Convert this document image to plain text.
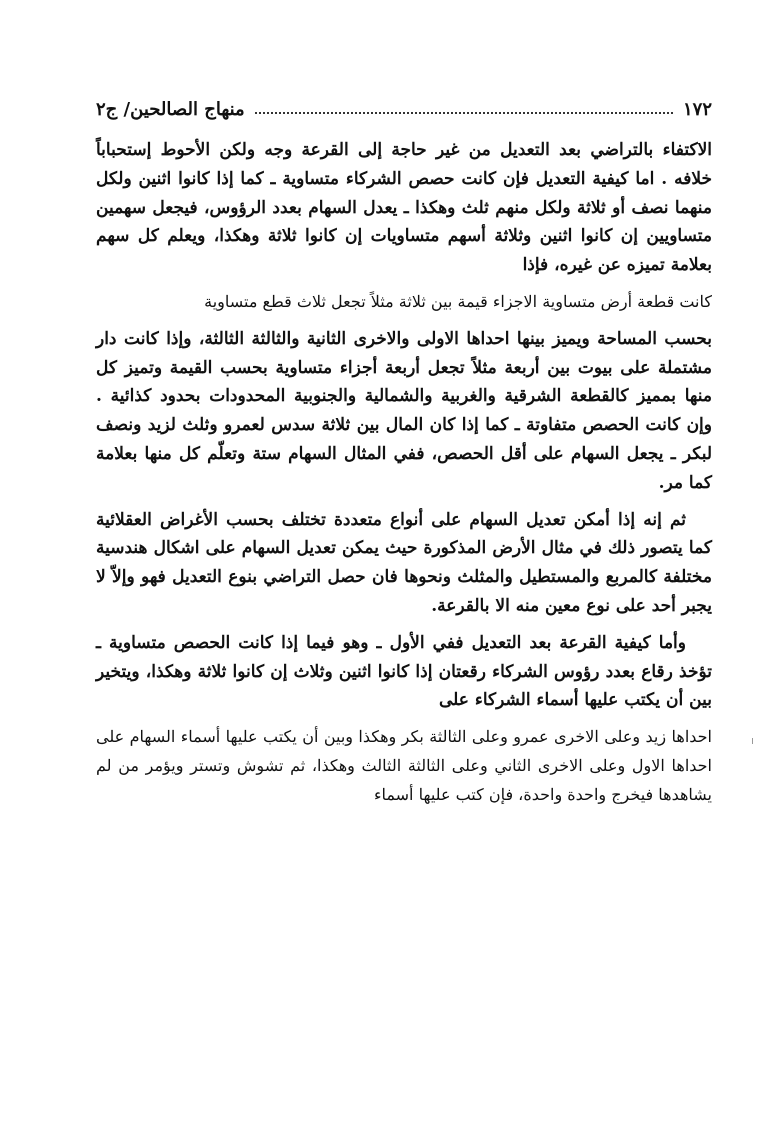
١٧٢
منهاج الصالحين/ ج٢

الاكتفاء بالتراضي بعد التعديل من غير حاجة إلى القرعة وجه ولكن الأحوط إستحباباً خلافه . اما كيفية التعديل فإن كانت حصص الشركاء متساوية ـ كما إذا كانوا اثنين ولكل منهما نصف أو ثلاثة ولكل منهم ثلث وهكذا ـ يعدل السهام بعدد الرؤوس، فيجعل سهمين متساويين إن كانوا اثنين وثلاثة أسهم متساويات إن كانوا ثلاثة وهكذا، ويعلم كل سهم بعلامة تميزه عن غيره، فإذا

كانت قطعة أرض متساوية الاجزاء قيمة بين ثلاثة مثلاً تجعل ثلاث قطع متساوية

بحسب المساحة ويميز بينها احداها الاولى والاخرى الثانية والثالثة الثالثة، وإذا كانت دار مشتملة على بيوت بين أربعة مثلاً تجعل أربعة أجزاء متساوية بحسب القيمة وتميز كل منها بمميز كالقطعة الشرقية والغربية والشمالية والجنوبية المحدودات بحدود كذائية . وإن كانت الحصص متفاوتة ـ كما إذا كان المال بين ثلاثة سدس لعمرو وثلث لزيد ونصف لبكر ـ يجعل السهام على أقل الحصص، ففي المثال السهام ستة وتعلّم كل منها بعلامة كما مر.

ثم إنه إذا أمكن تعديل السهام على أنواع متعددة تختلف بحسب الأغراض العقلائية كما يتصور ذلك في مثال الأرض المذكورة حيث يمكن تعديل السهام على اشكال هندسية مختلفة كالمربع والمستطيل والمثلث ونحوها فان حصل التراضي بنوع التعديل فهو وإلاّ لا يجبر أحد على نوع معين منه الا بالقرعة.

وأما كيفية القرعة بعد التعديل ففي الأول ـ وهو فيما إذا كانت الحصص متساوية ـ تؤخذ رقاع بعدد رؤوس الشركاء رقعتان إذا كانوا اثنين وثلاث إن كانوا ثلاثة وهكذا، ويتخير بين أن يكتب عليها أسماء الشركاء على

احداها زيد وعلى الاخرى عمرو وعلى الثالثة بكر وهكذا وبين أن يكتب عليها أسماء السهام على احداها الاول وعلى الاخرى الثاني وعلى الثالثة الثالث وهكذا، ثم تشوش وتستر ويؤمر من لم يشاهدها فيخرج واحدة واحدة، فإن كتب عليها أسماء
